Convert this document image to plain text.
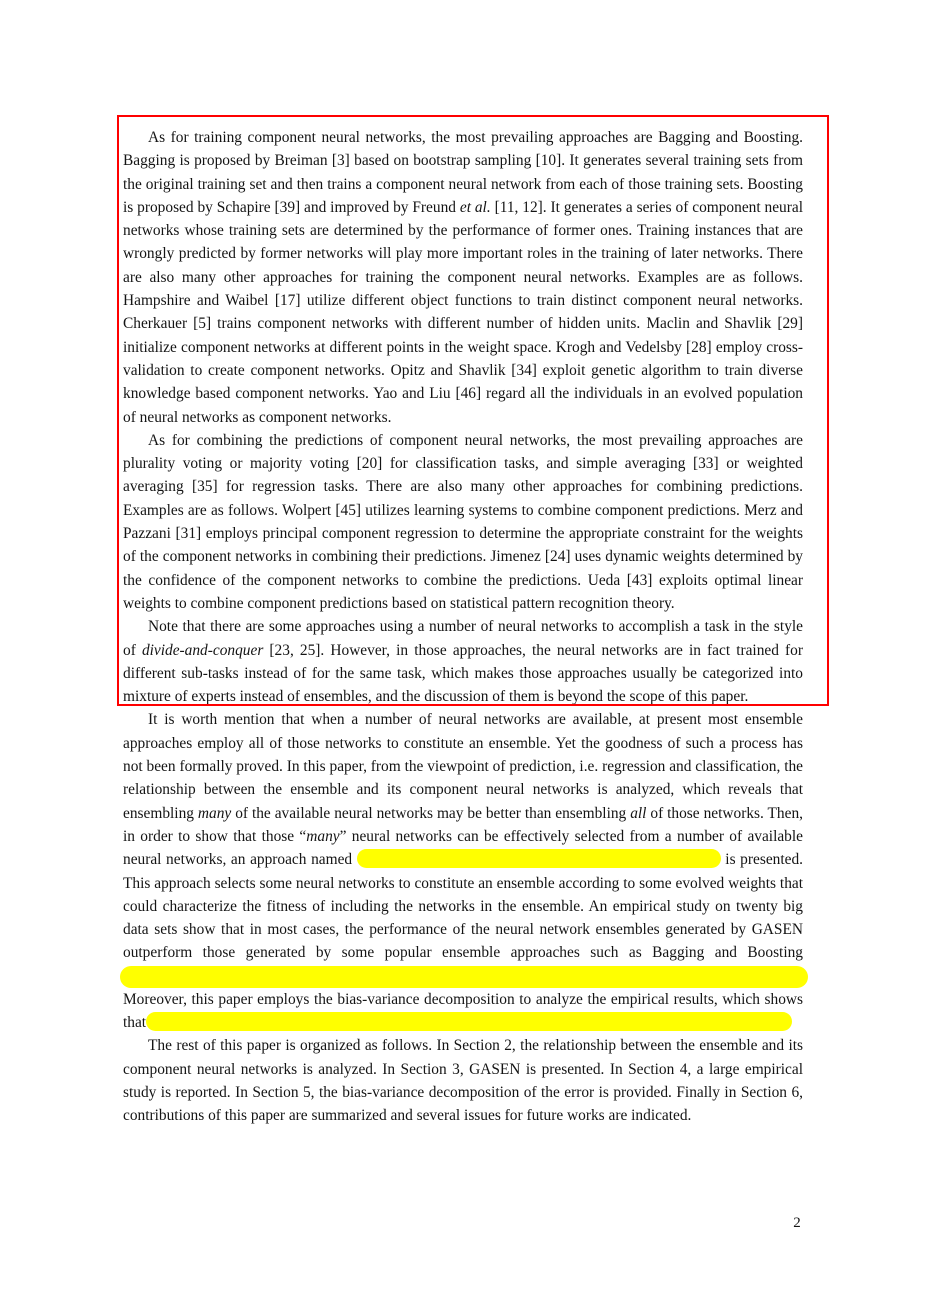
As for training component neural networks, the most prevailing approaches are Bagging and Boosting. Bagging is proposed by Breiman [3] based on bootstrap sampling [10]. It generates several training sets from the original training set and then trains a component neural network from each of those training sets. Boosting is proposed by Schapire [39] and improved by Freund et al. [11, 12]. It generates a series of component neural networks whose training sets are determined by the performance of former ones. Training instances that are wrongly predicted by former networks will play more important roles in the training of later networks. There are also many other approaches for training the component neural networks. Examples are as follows. Hampshire and Waibel [17] utilize different object functions to train distinct component neural networks. Cherkauer [5] trains component networks with different number of hidden units. Maclin and Shavlik [29] initialize component networks at different points in the weight space. Krogh and Vedelsby [28] employ cross-validation to create component networks. Opitz and Shavlik [34] exploit genetic algorithm to train diverse knowledge based component networks. Yao and Liu [46] regard all the individuals in an evolved population of neural networks as component networks.

As for combining the predictions of component neural networks, the most prevailing approaches are plurality voting or majority voting [20] for classification tasks, and simple averaging [33] or weighted averaging [35] for regression tasks. There are also many other approaches for combining predictions. Examples are as follows. Wolpert [45] utilizes learning systems to combine component predictions. Merz and Pazzani [31] employs principal component regression to determine the appropriate constraint for the weights of the component networks in combining their predictions. Jimenez [24] uses dynamic weights determined by the confidence of the component networks to combine the predictions. Ueda [43] exploits optimal linear weights to combine component predictions based on statistical pattern recognition theory.

Note that there are some approaches using a number of neural networks to accomplish a task in the style of divide-and-conquer [23, 25]. However, in those approaches, the neural networks are in fact trained for different sub-tasks instead of for the same task, which makes those approaches usually be categorized into mixture of experts instead of ensembles, and the discussion of them is beyond the scope of this paper.

It is worth mention that when a number of neural networks are available, at present most ensemble approaches employ all of those networks to constitute an ensemble. Yet the goodness of such a process has not been formally proved. In this paper, from the viewpoint of prediction, i.e. regression and classification, the relationship between the ensemble and its component neural networks is analyzed, which reveals that ensembling many of the available neural networks may be better than ensembling all of those networks. Then, in order to show that those “many” neural networks can be effectively selected from a number of available neural networks, an approach named	is presented. This approach selects some neural networks to constitute an ensemble according to some evolved weights that could characterize the fitness of including the networks in the ensemble. An empirical study on twenty big data sets show that in most cases, the performance of the neural network ensembles generated by GASEN outperform those generated by some popular ensemble approaches such as Bagging and Boosting

Moreover, this paper employs the bias-variance decomposition to analyze the empirical results, which shows that

The rest of this paper is organized as follows. In Section 2, the relationship between the ensemble and its component neural networks is analyzed. In Section 3, GASEN is presented. In Section 4, a large empirical study is reported. In Section 5, the bias-variance decomposition of the error is provided. Finally in Section 6, contributions of this paper are summarized and several issues for future works are indicated.

2
